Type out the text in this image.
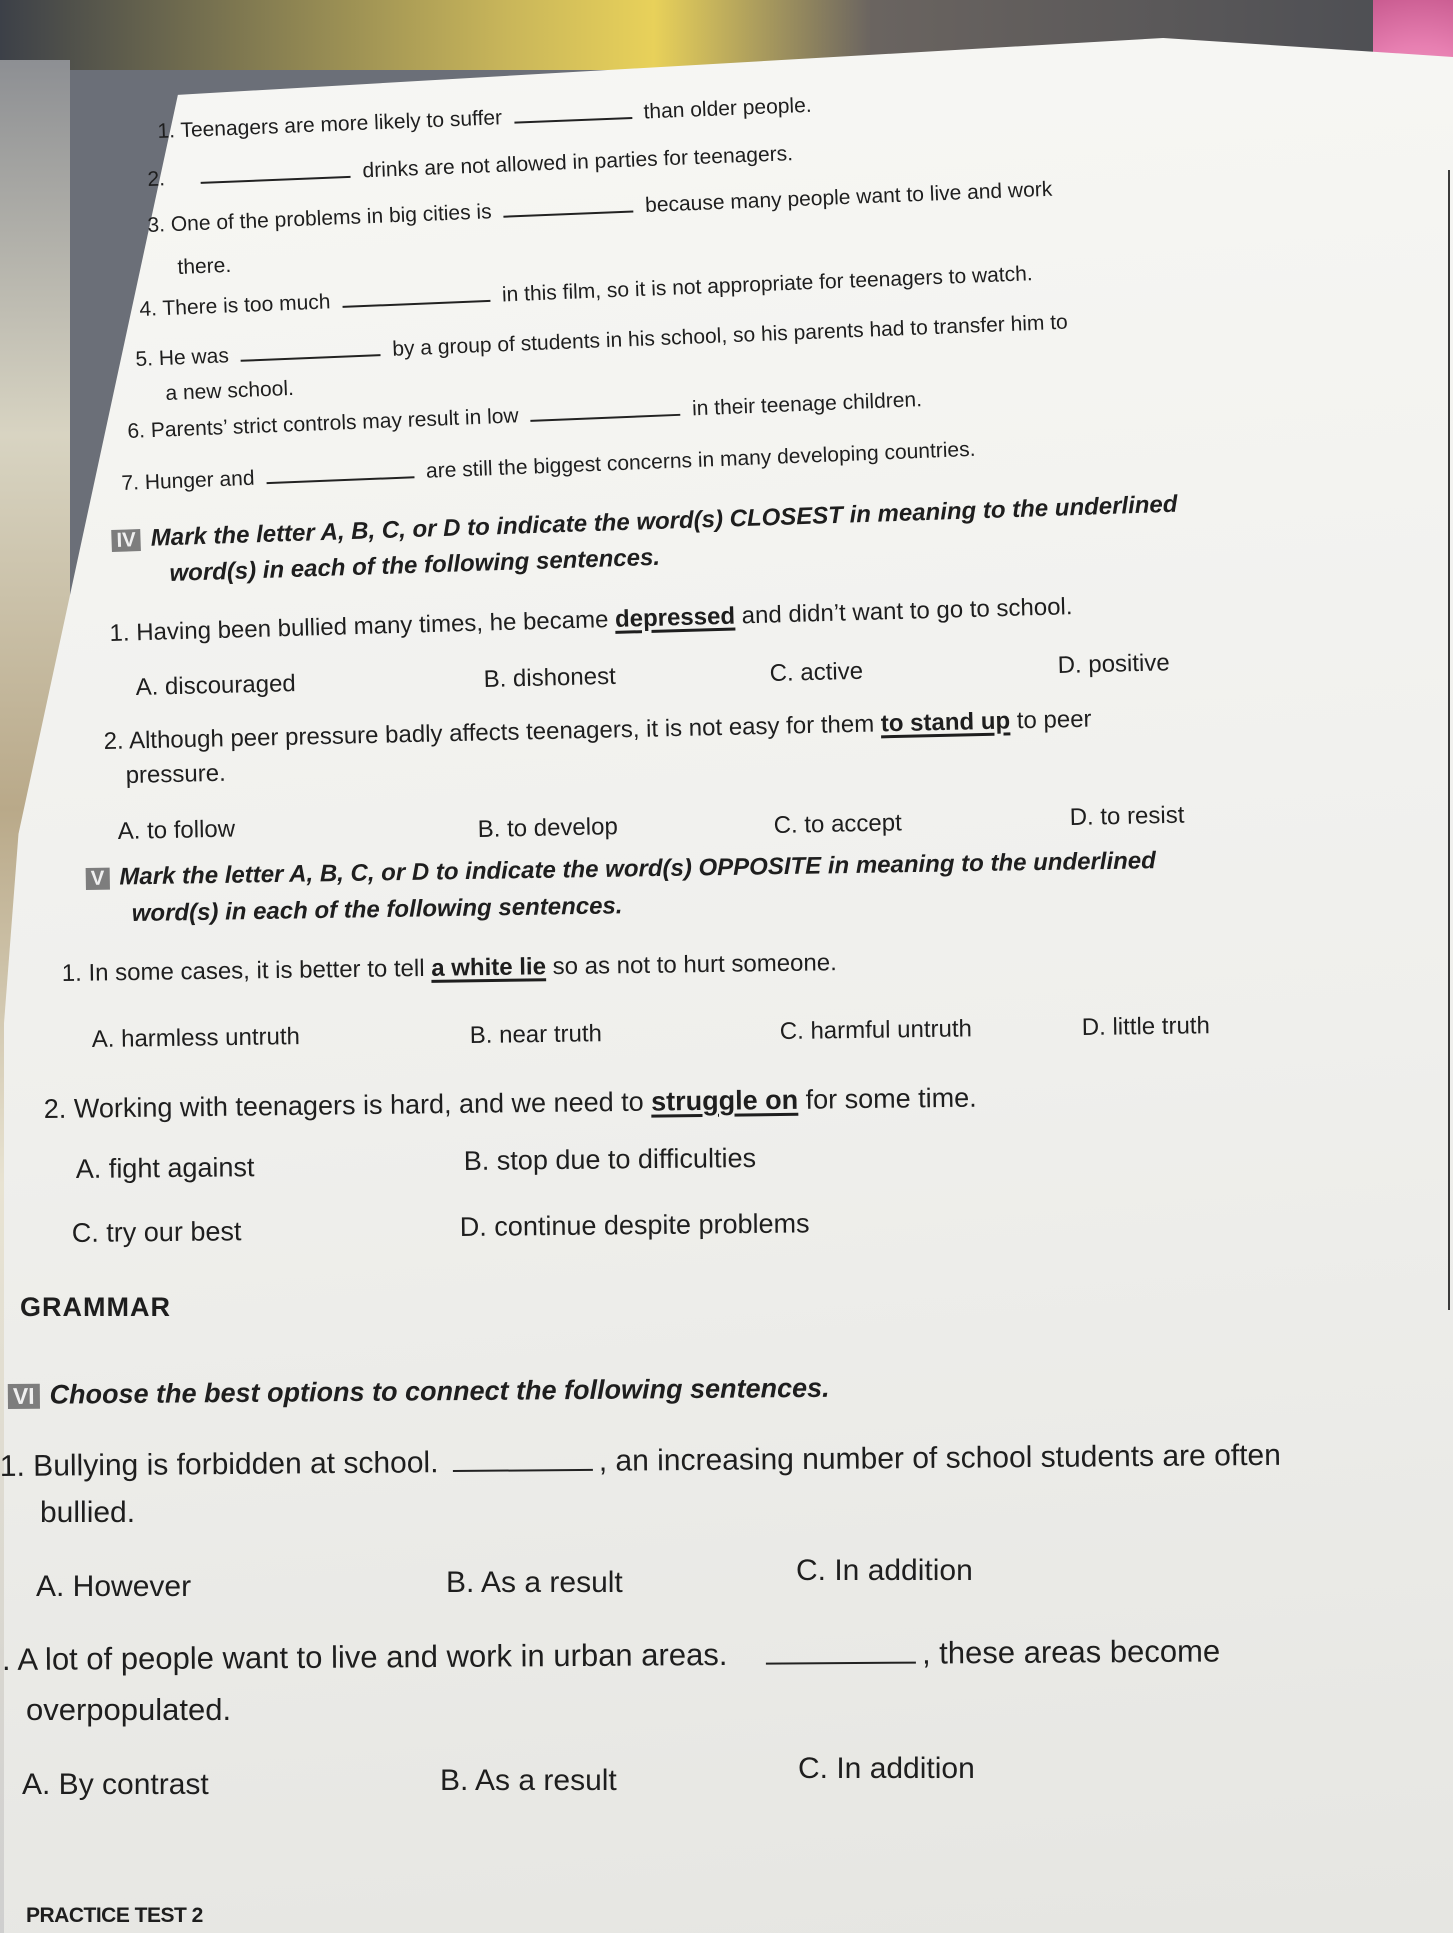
1. Teenagers are more likely to suffer	than older people.
2.	drinks are not allowed in parties for teenagers.
3. One of the problems in big cities is  because many people want to live and work
there.
4. There is too much	in this film, so it is not appropriate for teenagers to watch.
5. He was	by a group of students in his school, so his parents had to transfer him to
a new school.
6. Parents’ strict controls may result in low  in their teenage children.
7. Hunger and	are still the biggest concerns in many developing countries.
IV Mark the letter A, B, C, or D to indicate the word(s) CLOSEST in meaning to the underlined
word(s) in each of the following sentences.
1. Having been bullied many times, he became depressed and didn’t want to go to school.
A. discouraged	B. dishonest	C. active	D. positive
2. Although peer pressure badly affects teenagers, it is not easy for them to stand up to peer
pressure.
A. to follow	B. to develop	C. to accept	D. to resist
V Mark the letter A, B, C, or D to indicate the word(s) OPPOSITE in meaning to the underlined
word(s) in each of the following sentences.
1. In some cases, it is better to tell a white lie so as not to hurt someone.
A. harmless untruth	B. near truth	C. harmful untruth	D. little truth
2. Working with teenagers is hard, and we need to struggle on for some time.
A. fight against	B. stop due to difficulties
C. try our best	D. continue despite problems
GRAMMAR
VI Choose the best options to connect the following sentences.
1. Bullying is forbidden at school.	, an increasing number of school students are often
bullied.
A. However	B. As a result	C. In addition
. A lot of people want to live and work in urban areas.	, these areas become
overpopulated.
A. By contrast	B. As a result	C. In addition
PRACTICE TEST 2
